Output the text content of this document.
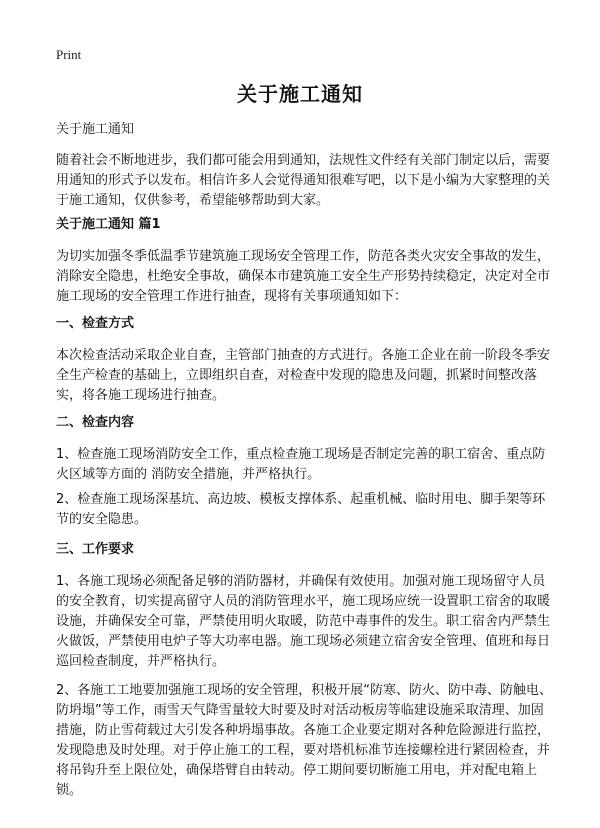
Print
关于施工通知
关于施工通知
随着社会不断地进步，我们都可能会用到通知，法规性文件经有关部门制定以后，需要用通知的形式予以发布。相信许多人会觉得通知很难写吧，以下是小编为大家整理的关于施工通知，仅供参考，希望能够帮助到大家。
关于施工通知 篇1
为切实加强冬季低温季节建筑施工现场安全管理工作，防范各类火灾安全事故的发生，消除安全隐患，杜绝安全事故，确保本市建筑施工安全生产形势持续稳定，决定对全市施工现场的安全管理工作进行抽查，现将有关事项通知如下：
一、检查方式
本次检查活动采取企业自查，主管部门抽查的方式进行。各施工企业在前一阶段冬季安全生产检查的基础上，立即组织自查，对检查中发现的隐患及问题，抓紧时间整改落实，将各施工现场进行抽查。
二、检查内容
1、检查施工现场消防安全工作，重点检查施工现场是否制定完善的职工宿舍、重点防火区域等方面的 消防安全措施，并严格执行。
2、检查施工现场深基坑、高边坡、模板支撑体系、起重机械、临时用电、脚手架等环节的安全隐患。
三、工作要求
1、各施工现场必须配备足够的消防器材，并确保有效使用。加强对施工现场留守人员的安全教育，切实提高留守人员的消防管理水平，施工现场应统一设置职工宿舍的取暖设施，并确保安全可靠，严禁使用明火取暖，防范中毒事件的发生。职工宿舍内严禁生火做饭，严禁使用电炉子等大功率电器。施工现场必须建立宿舍安全管理、值班和每日巡回检查制度，并严格执行。
2、各施工工地要加强施工现场的安全管理，积极开展“防寒、防火、防中毒、防触电、防坍塌”等工作，雨雪天气降雪量较大时要及时对活动板房等临建设施采取清理、加固措施，防止雪荷载过大引发各种坍塌事故。各施工企业要定期对各种危险源进行监控，发现隐患及时处理。对于停止施工的工程，要对塔机标准节连接螺栓进行紧固检查，并将吊钩升至上限位处，确保塔臂自由转动。停工期间要切断施工用电，并对配电箱上锁。
